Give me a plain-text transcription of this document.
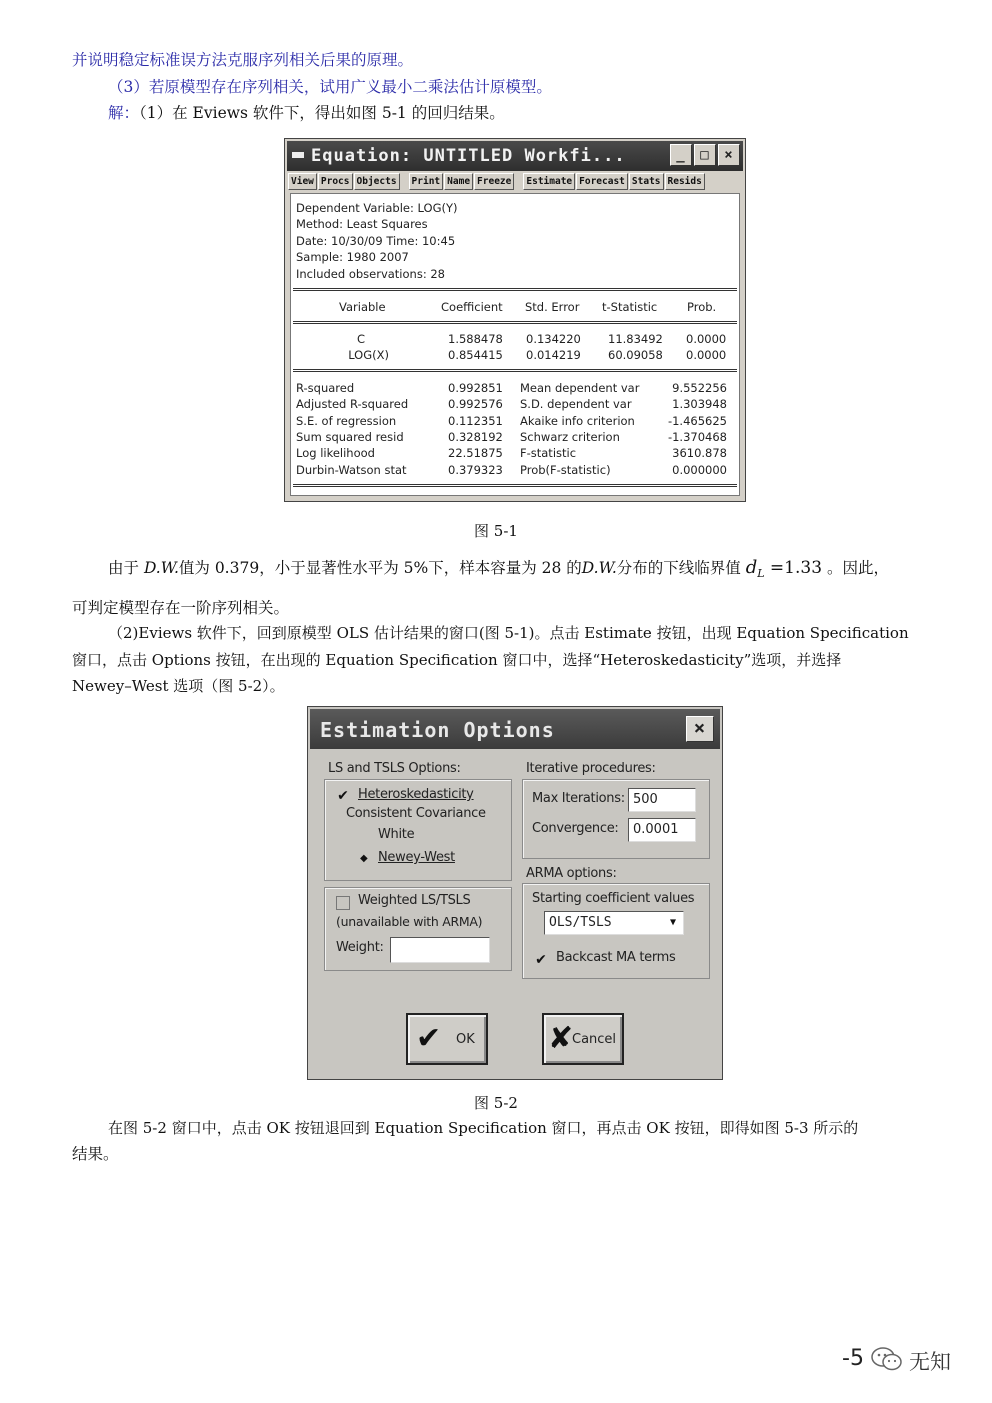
并说明稳定标准误方法克服序列相关后果的原理。
（3）若原模型存在序列相关，试用广义最小二乘法估计原模型。
解：（1）在 Eviews 软件下，得出如图 5-1 的回归结果。
Equation: UNTITLED Workfi...	_	□	×
View Procs Objects	Print Name Freeze	Estimate Forecast Stats Resids
Dependent Variable: LOG(Y)
Method: Least Squares
Date: 10/30/09 Time: 10:45
Sample: 1980 2007
Included observations: 28
Variable	Coefficient Std. Error t-Statistic	Prob.
C	1.588478 0.134220 11.83492 0.0000
LOG(X)	0.854415 0.014219 60.09058 0.0000
R-squared	0.992851 Mean dependent var	9.552256
Adjusted R-squared	0.992576 S.D. dependent var	1.303948
S.E. of regression	0.112351 Akaike info criterion	-1.465625
Sum squared resid	0.328192 Schwarz criterion	-1.370468
Log likelihood	22.51875 F-statistic	3610.878
Durbin-Watson stat	0.379323 Prob(F-statistic)	0.000000
图 5-1
由于 D.W.值为 0.379，小于显著性水平为 5%下，样本容量为 28 的D.W.分布的下线临界值 $d_L =1.33$ 。因此，
可判定模型存在一阶序列相关。
（2)Eviews 软件下，回到原模型 OLS 估计结果的窗口(图 5-1)。点击 Estimate 按钮，出现 Equation Specification
窗口，点击 Options 按钮，在出现的 Equation Specification 窗口中，选择“Heteroskedasticity”选项，并选择
Newey–West 选项（图 5-2）。
Estimation Options	×
LS and TSLS Options:
✔ Heteroskedasticity
Consistent Covariance
White
◆ Newey-West
Weighted LS/TSLS
(unavailable with ARMA)
Weight:
Iterative procedures:
Max Iterations: 500
Convergence:	0.0001
ARMA options:
Starting coefficient values
OLS/TSLS	▼
✔ Backcast MA terms
✔ OK ✘
Cancel
图 5-2
在图 5-2 窗口中，点击 OK 按钮退回到 Equation Specification 窗口，再点击 OK 按钮，即得如图 5-3 所示的
结果。
-5 无知
